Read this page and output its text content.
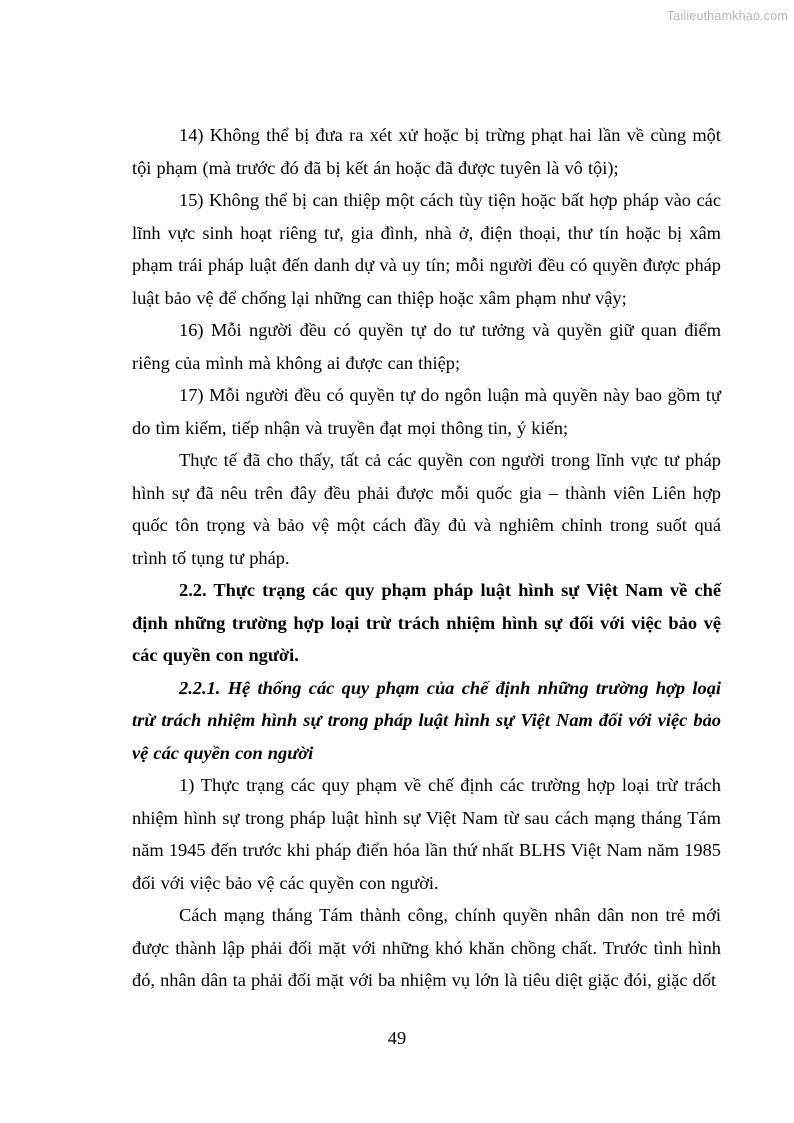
Tailieuthamkhao.com

14) Không thể bị đưa ra xét xử hoặc bị trừng phạt hai lần về cùng một tội phạm (mà trước đó đã bị kết án hoặc đã được tuyên là vô tội);

15) Không thể bị can thiệp một cách tùy tiện hoặc bất hợp pháp vào các lĩnh vực sinh hoạt riêng tư, gia đình, nhà ở, điện thoại, thư tín hoặc bị xâm phạm trái pháp luật đến danh dự và uy tín; mỗi người đều có quyền được pháp luật bảo vệ để chống lại những can thiệp hoặc xâm phạm như vậy;

16) Mỗi người đều có quyền tự do tư tưởng và quyền giữ quan điểm riêng của mình mà không ai được can thiệp;

17) Mỗi người đều có quyền tự do ngôn luận mà quyền này bao gồm tự do tìm kiếm, tiếp nhận và truyền đạt mọi thông tin, ý kiến;

Thực tế đã cho thấy, tất cả các quyền con người trong lĩnh vực tư pháp hình sự đã nêu trên đây đều phải được mỗi quốc gia – thành viên Liên hợp quốc tôn trọng và bảo vệ một cách đầy đủ và nghiêm chỉnh trong suốt quá trình tố tụng tư pháp.

2.2. Thực trạng các quy phạm pháp luật hình sự Việt Nam về chế định những trường hợp loại trừ trách nhiệm hình sự đối với việc bảo vệ các quyền con người.

2.2.1. Hệ thống các quy phạm của chế định những trường hợp loại trừ trách nhiệm hình sự trong pháp luật hình sự Việt Nam đối với việc bảo vệ các quyền con người

1) Thực trạng các quy phạm về chế định các trường hợp loại trừ trách nhiệm hình sự trong pháp luật hình sự Việt Nam từ sau cách mạng tháng Tám năm 1945 đến trước khi pháp điển hóa lần thứ nhất BLHS Việt Nam năm 1985 đối với việc bảo vệ các quyền con người.

Cách mạng tháng Tám thành công, chính quyền nhân dân non trẻ mới được thành lập phải đối mặt với những khó khăn chồng chất. Trước tình hình đó, nhân dân ta phải đối mặt với ba nhiệm vụ lớn là tiêu diệt giặc đói, giặc dốt

49
